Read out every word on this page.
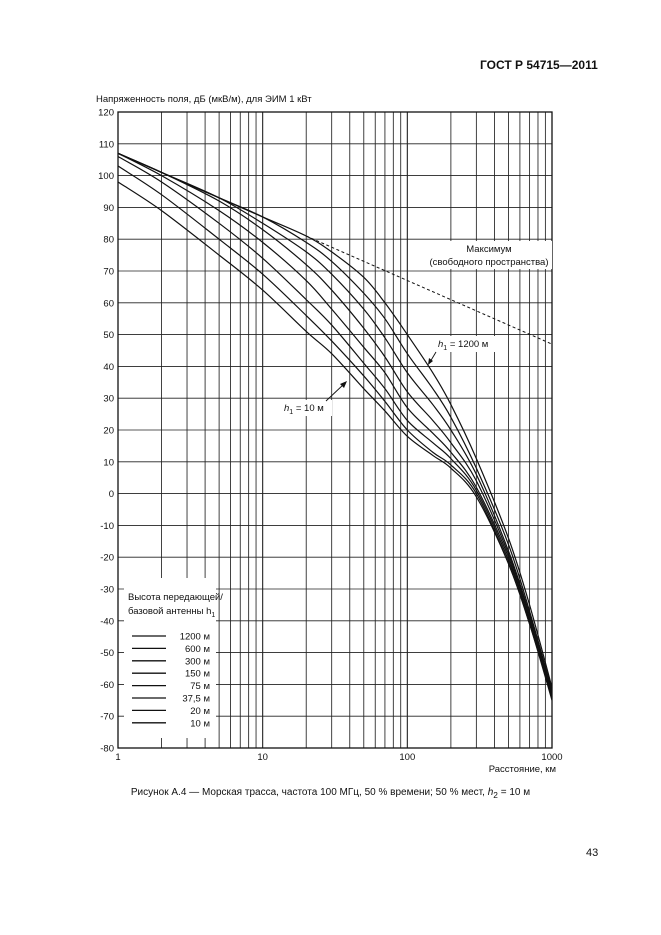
ГОСТ Р 54715—2011
120
110
100
90
80
70
60
50
40
30
20
10
0
-10
-20
-30
-40
-50
-60
-70
-80
1	10	100	1000
Напряженность поля, дБ (мкВ/м), для ЭИМ 1 кВт
Расстояние, км
Высота передающей/
базовой антенны $h_1$
1200 м
600 м
300 м
150 м
75 м
37,5 м
20 м
10 м
Максимум
(свободного пространства)
$h_1 = 1200$ м
$h_1 = 10$ м
Рисунок А.4 — Морская трасса, частота 100 МГц, 50 % времени; 50 % мест, $h_2 = 10$ м
43
